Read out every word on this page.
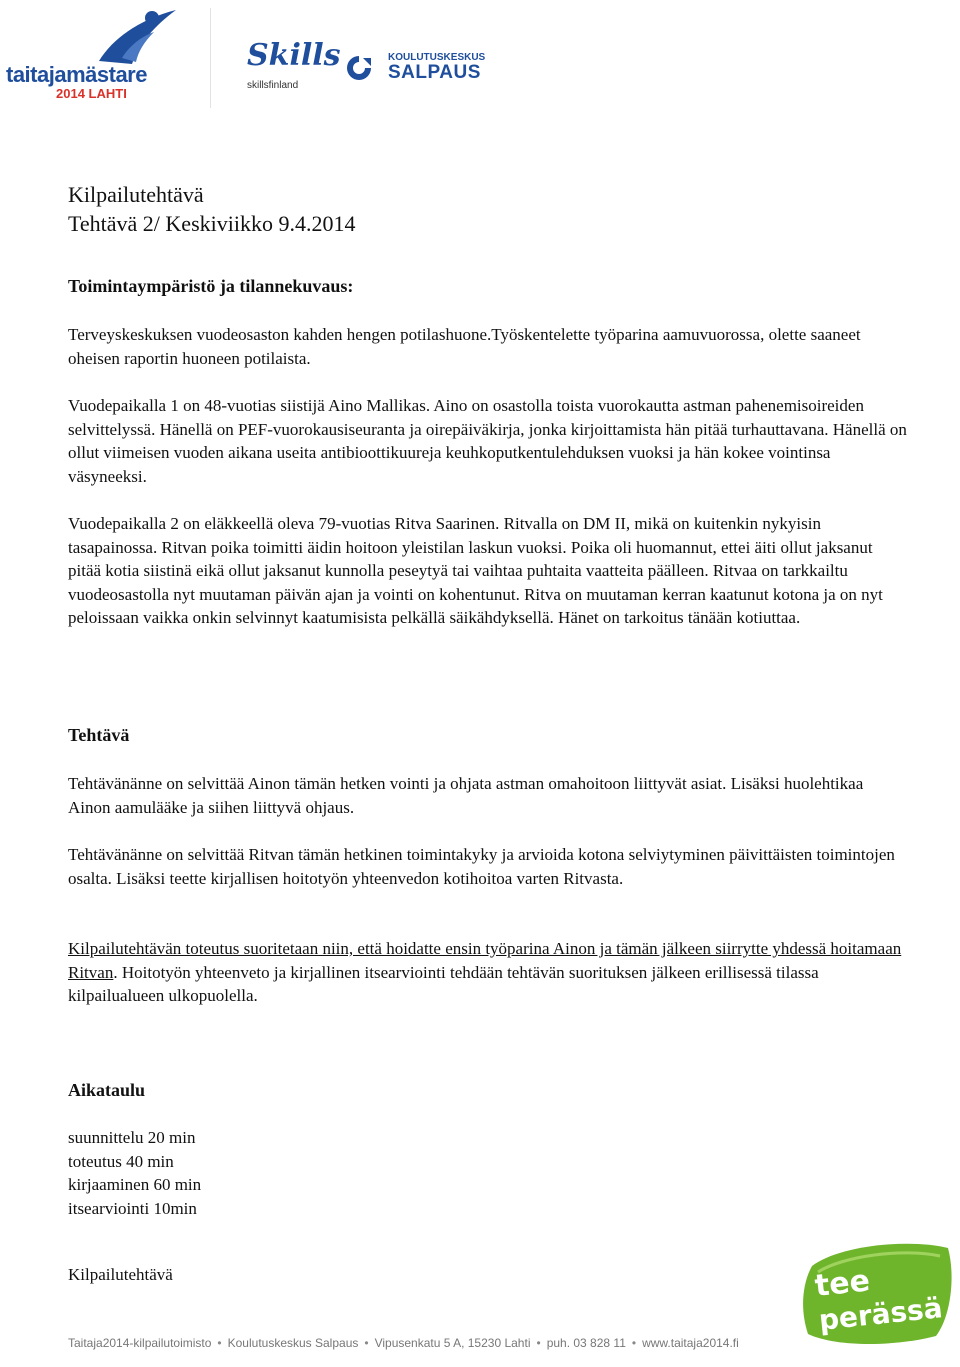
taitajamästare
2014 LAHTI
Skills
skillsfinland
KOULUTUSKESKUS
SALPAUS
Kilpailutehtävä
Tehtävä 2/ Keskiviikko 9.4.2014

Toimintaympäristö ja tilannekuvaus:

Terveyskeskuksen vuodeosaston kahden hengen potilashuone.Työskentelette työparina aamuvuorossa, olette saaneet oheisen raportin huoneen potilaista.

Vuodepaikalla 1 on 48-vuotias siistijä Aino Mallikas. Aino on osastolla toista vuorokautta astman pahenemisoireiden selvittelyssä. Hänellä on PEF-vuorokausiseuranta ja oirepäiväkirja, jonka kirjoittamista hän pitää turhauttavana. Hänellä on ollut viimeisen vuoden aikana useita antibioottikuureja keuhkoputkentulehduksen vuoksi ja hän kokee vointinsa väsyneeksi.

Vuodepaikalla 2 on eläkkeellä oleva 79-vuotias Ritva Saarinen. Ritvalla on DM II, mikä on kuitenkin nykyisin tasapainossa. Ritvan poika toimitti äidin hoitoon yleistilan laskun vuoksi. Poika oli huomannut, ettei äiti ollut jaksanut pitää kotia siistinä eikä ollut jaksanut kunnolla peseytyä tai vaihtaa puhtaita vaatteita päälleen. Ritvaa on tarkkailtu vuodeosastolla nyt muutaman päivän ajan ja vointi on kohentunut. Ritva on muutaman kerran kaatunut kotona ja on nyt peloissaan vaikka onkin selvinnyt kaatumisista pelkällä säikähdyksellä. Hänet on tarkoitus tänään kotiuttaa.

Tehtävä

Tehtävänänne on selvittää Ainon tämän hetken vointi ja ohjata astman omahoitoon liittyvät asiat. Lisäksi huolehtikaa Ainon aamulääke ja siihen liittyvä ohjaus.

Tehtävänänne on selvittää Ritvan tämän hetkinen toimintakyky ja arvioida kotona selviytyminen päivittäisten toimintojen osalta. Lisäksi teette kirjallisen hoitotyön yhteenvedon kotihoitoa varten Ritvasta.

Kilpailutehtävän toteutus suoritetaan niin, että hoidatte ensin työparina Ainon ja tämän jälkeen siirrytte yhdessä hoitamaan Ritvan. Hoitotyön yhteenveto ja kirjallinen itsearviointi tehdään tehtävän suorituksen jälkeen erillisessä tilassa kilpailualueen ulkopuolella.

Aikataulu

suunnittelu 20 min
toteutus 40 min
kirjaaminen 60 min
itsearviointi 10min

Kilpailutehtävä	tee
perässä
Taitaja2014-kilpailutoimisto • Koulutuskeskus Salpaus • Vipusenkatu 5 A, 15230 Lahti • puh. 03 828 11 • www.taitaja2014.fi
